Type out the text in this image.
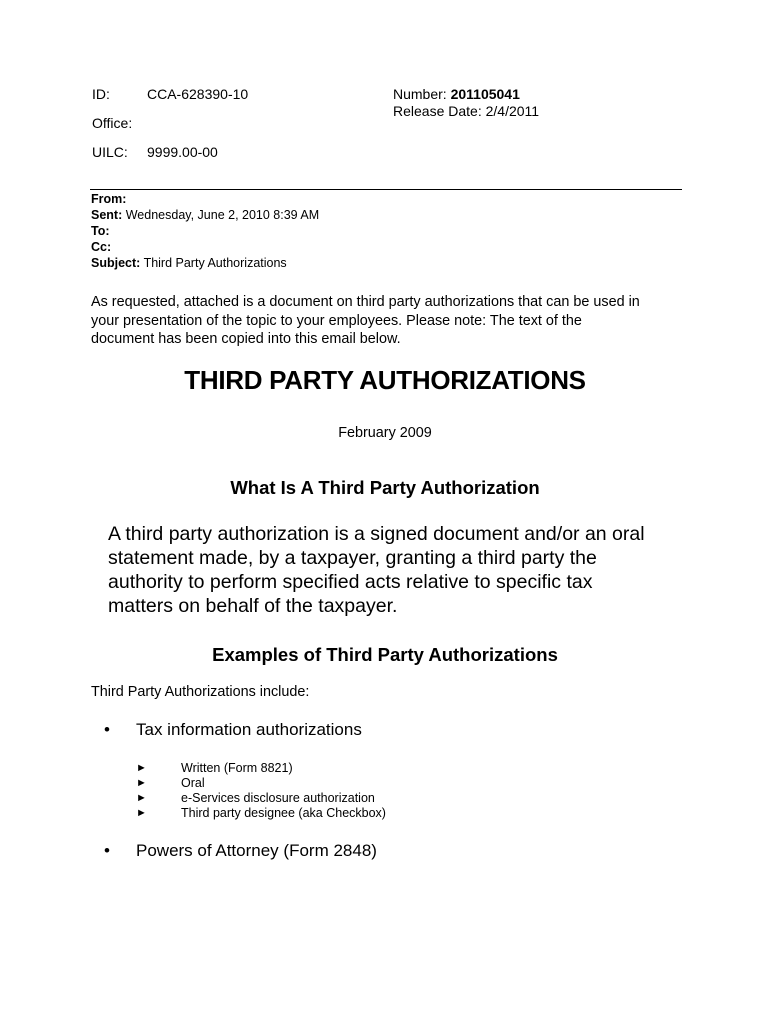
ID:	CCA-628390-10
Office:
UILC: 9999.00-00
Number: 201105041
Release Date: 2/4/2011
From:
Sent: Wednesday, June 2, 2010 8:39 AM
To:
Cc:
Subject: Third Party Authorizations
As requested, attached is a document on third party authorizations that can be used in
your presentation of the topic to your employees. Please note: The text of the
document has been copied into this email below.
THIRD PARTY AUTHORIZATIONS
February 2009
What Is A Third Party Authorization
A third party authorization is a signed document and/or an oral
statement made, by a taxpayer, granting a third party the
authority to perform specified acts relative to specific tax
matters on behalf of the taxpayer.
Examples of Third Party Authorizations
Third Party Authorizations include:
• Tax information authorizations
►	Written (Form 8821)
►	Oral
►	e-Services disclosure authorization
►	Third party designee (aka Checkbox)
• Powers of Attorney (Form 2848)
